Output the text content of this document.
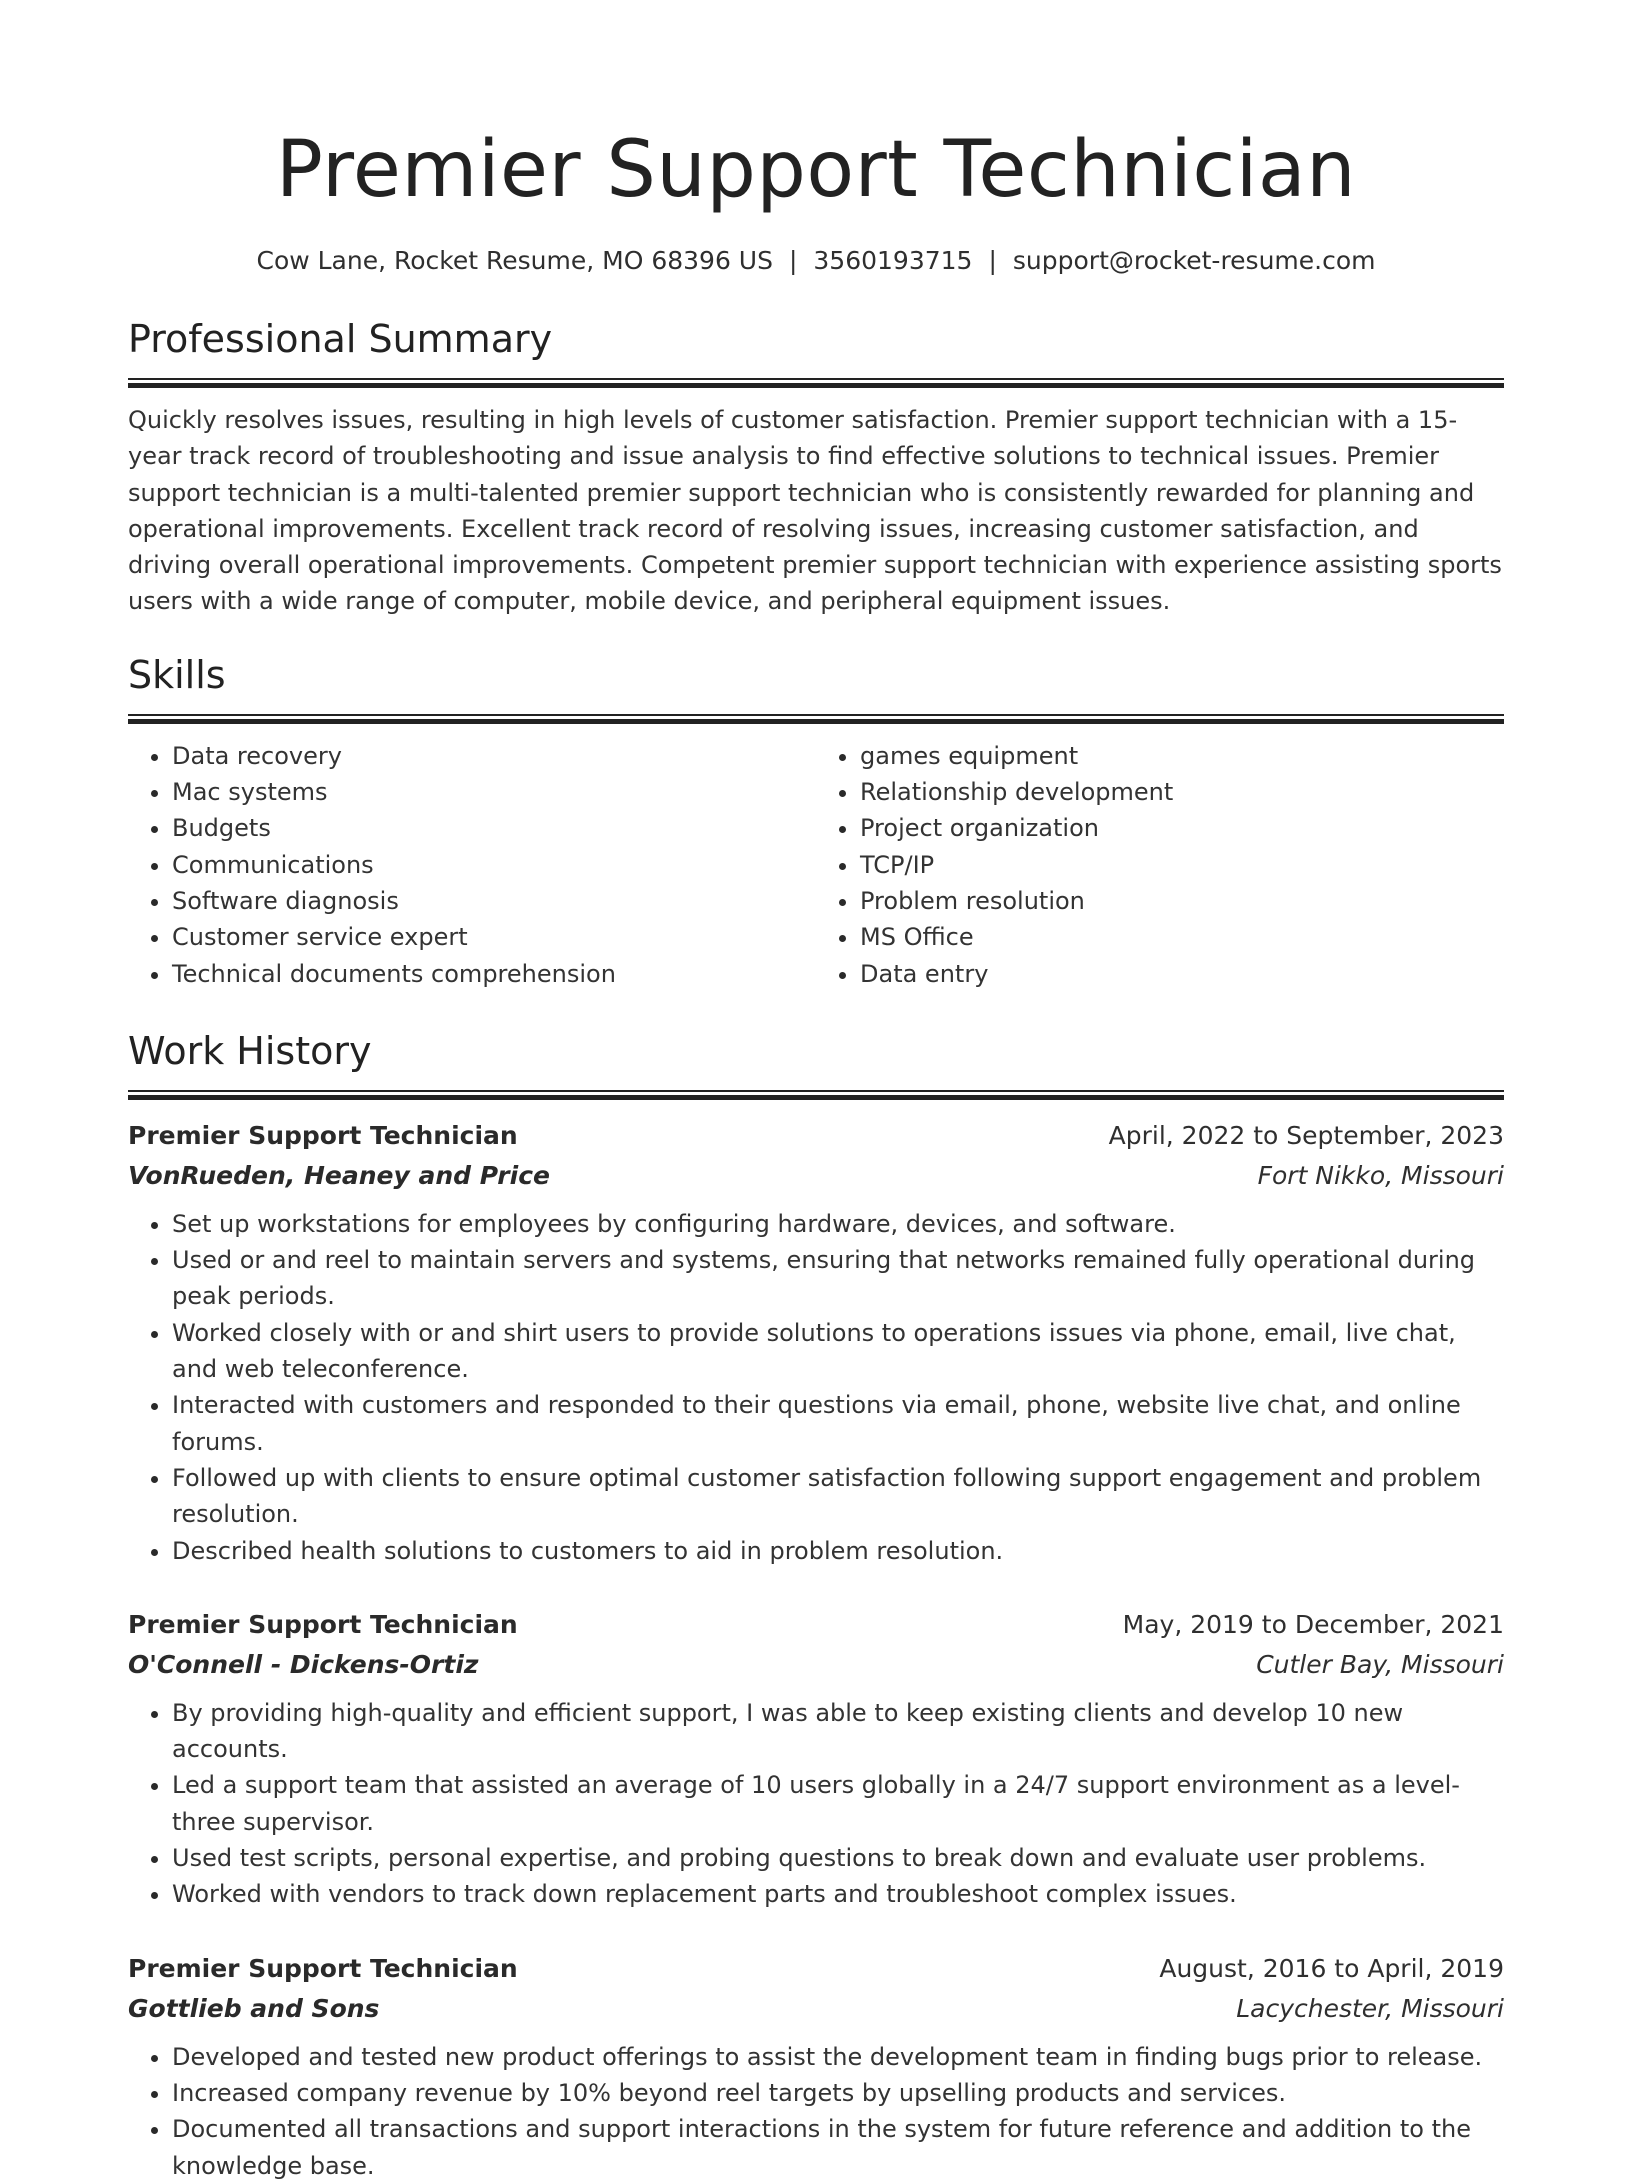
Premier Support Technician
Cow Lane, Rocket Resume, MO 68396 US | 3560193715 | support@rocket-resume.com
Professional Summary

Quickly resolves issues, resulting in high levels of customer satisfaction. Premier support technician with a 15-year track record of troubleshooting and issue analysis to find effective solutions to technical issues. Premier support technician is a multi-talented premier support technician who is consistently rewarded for planning and operational improvements. Excellent track record of resolving issues, increasing customer satisfaction, and driving overall operational improvements. Competent premier support technician with experience assisting sports users with a wide range of computer, mobile device, and peripheral equipment issues.

Skills
• Data recovery
• Mac systems
• Budgets
• Communications
• Software diagnosis
• Customer service expert
• Technical documents comprehension
• games equipment
• Relationship development
• Project organization
• TCP/IP
• Problem resolution
• MS Office
• Data entry
Work History
Premier Support Technician	April, 2022 to September, 2023
VonRueden, Heaney and Price	Fort Nikko, Missouri
• Set up workstations for employees by configuring hardware, devices, and software.
• Used or and reel to maintain servers and systems, ensuring that networks remained fully operational during peak periods.
• Worked closely with or and shirt users to provide solutions to operations issues via phone, email, live chat, and web teleconference.
• Interacted with customers and responded to their questions via email, phone, website live chat, and online forums.
• Followed up with clients to ensure optimal customer satisfaction following support engagement and problem resolution.
• Described health solutions to customers to aid in problem resolution.
Premier Support Technician	May, 2019 to December, 2021
O'Connell - Dickens-Ortiz	Cutler Bay, Missouri
• By providing high-quality and efficient support, I was able to keep existing clients and develop 10 new accounts.
• Led a support team that assisted an average of 10 users globally in a 24/7 support environment as a level-three supervisor.
• Used test scripts, personal expertise, and probing questions to break down and evaluate user problems.
• Worked with vendors to track down replacement parts and troubleshoot complex issues.
Premier Support Technician	August, 2016 to April, 2019
Gottlieb and Sons	Lacychester, Missouri
• Developed and tested new product offerings to assist the development team in finding bugs prior to release.
• Increased company revenue by 10% beyond reel targets by upselling products and services.
• Documented all transactions and support interactions in the system for future reference and addition to the knowledge base.
